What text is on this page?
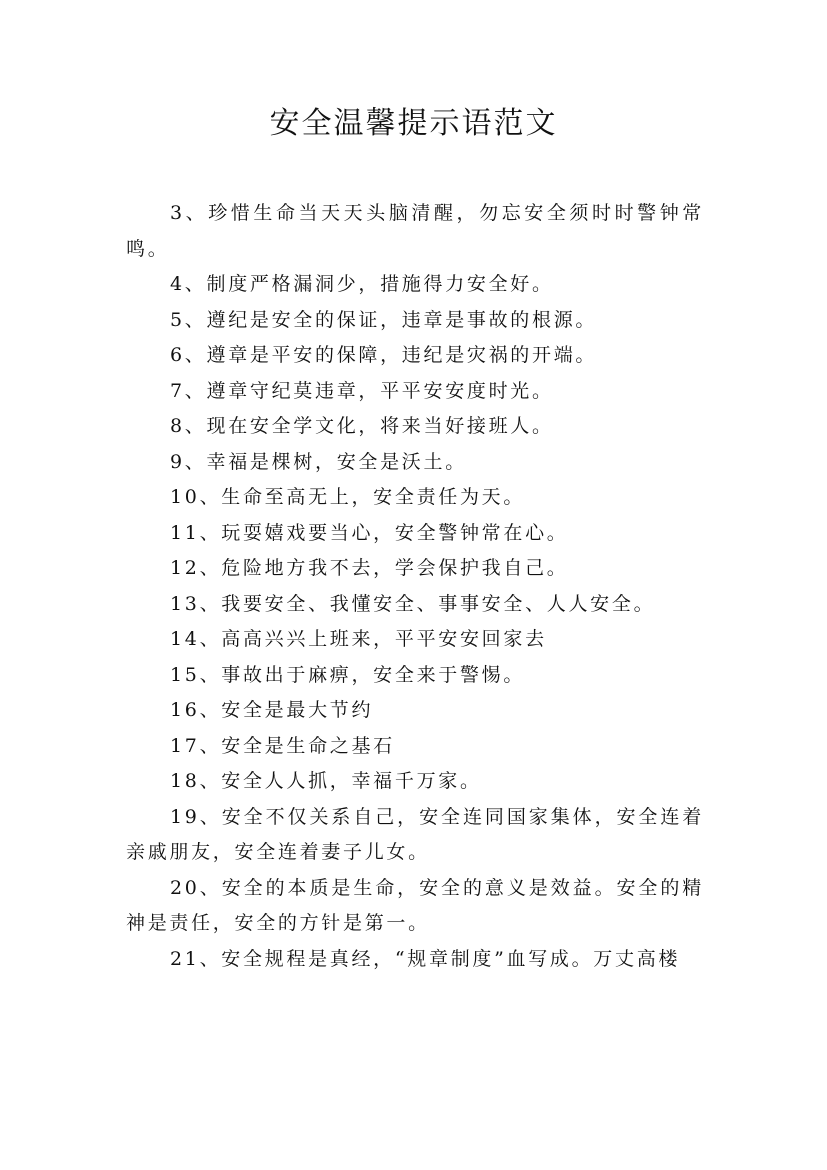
安全温馨提示语范文

3、珍惜生命当天天头脑清醒，勿忘安全须时时警钟常鸣。

4、制度严格漏洞少，措施得力安全好。

5、遵纪是安全的保证，违章是事故的根源。

6、遵章是平安的保障，违纪是灾祸的开端。

7、遵章守纪莫违章，平平安安度时光。

8、现在安全学文化，将来当好接班人。

9、幸福是棵树，安全是沃土。

10、生命至高无上，安全责任为天。

11、玩耍嬉戏要当心，安全警钟常在心。

12、危险地方我不去，学会保护我自己。

13、我要安全、我懂安全、事事安全、人人安全。

14、高高兴兴上班来，平平安安回家去

15、事故出于麻痹，安全来于警惕。

16、安全是最大节约

17、安全是生命之基石

18、安全人人抓，幸福千万家。

19、安全不仅关系自己，安全连同国家集体，安全连着亲戚朋友，安全连着妻子儿女。

20、安全的本质是生命，安全的意义是效益。安全的精神是责任，安全的方针是第一。

21、安全规程是真经，“规章制度”血写成。万丈高楼
